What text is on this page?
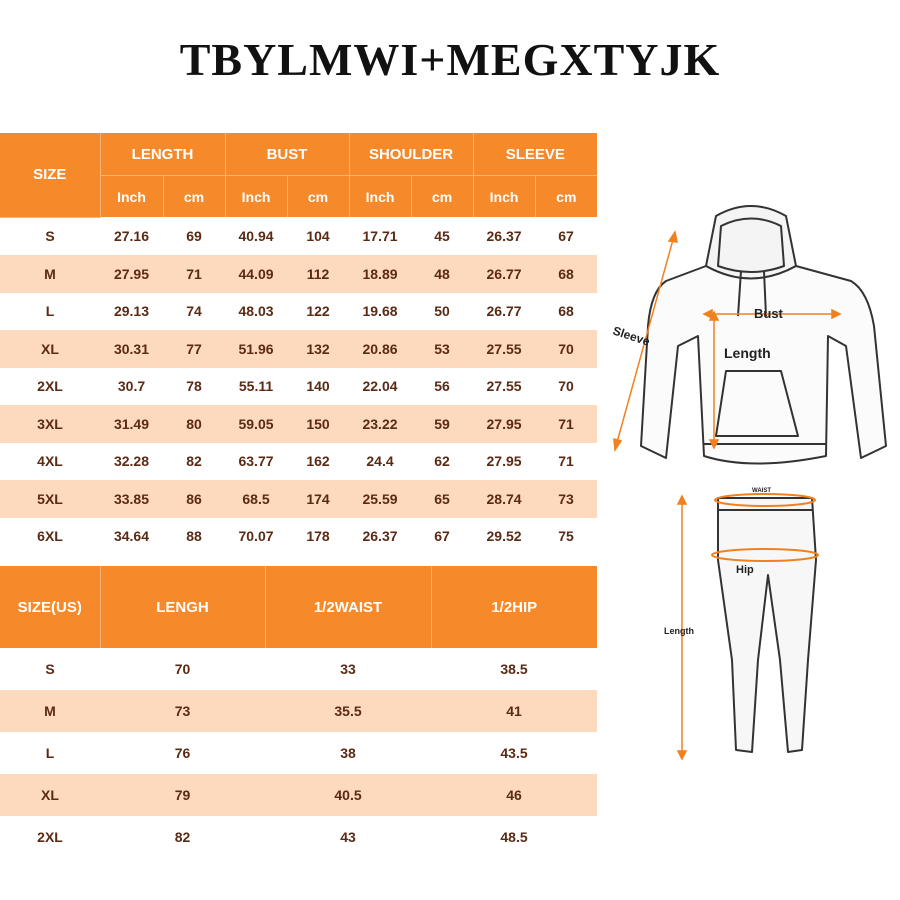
TBYLMWI+MEGXTYJK
SIZE	LENGTH		BUST		SHOULDER		SLEEVE	
	Inch	cm	Inch	cm	Inch	cm	Inch	cm
S	27.16	69	40.94	104	17.71	45	26.37	67
M	27.95	71	44.09	112	18.89	48	26.77	68
L	29.13	74	48.03	122	19.68	50	26.77	68
XL	30.31	77	51.96	132	20.86	53	27.55	70
2XL	30.7	78	55.11	140	22.04	56	27.55	70
3XL	31.49	80	59.05	150	23.22	59	27.95	71
4XL	32.28	82	63.77	162	24.4	62	27.95	71
5XL	33.85	86	68.5	174	25.59	65	28.74	73
6XL	34.64	88	70.07	178	26.37	67	29.52	75
SIZE(US)	LENGH	1/2WAIST	1/2HIP
S	70	33	38.5
M	73	35.5	41
L	76	38	43.5
XL	79	40.5	46
2XL	82	43	48.5
Bust
Length
Sleeve
WAIST
Hip
Length
